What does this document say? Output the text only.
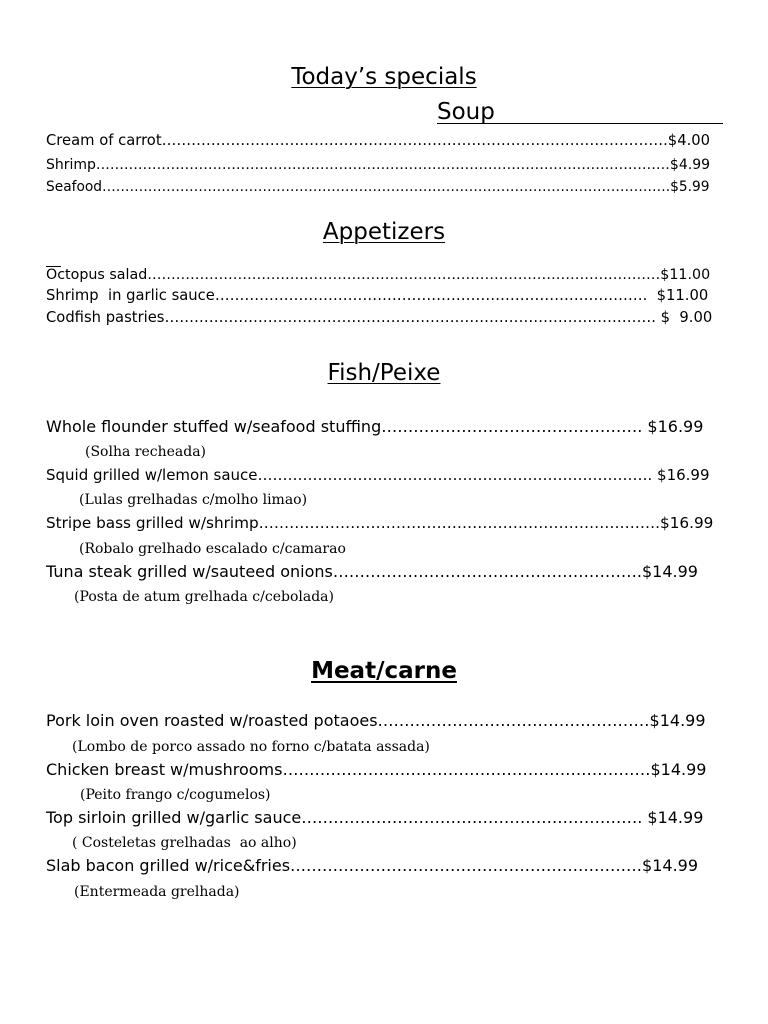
Today’s specials
Soup
Cream of carrot………………………………………………………………………………………….$4.00
Shrimp……………………………………………………………………………………………………………$4.99
Seafood…………………………………………………………………………………………………………….$5.99
Appetizers
Octopus salad………………………………………………………………………………………………$11.00
Shrimp  in garlic sauce…………………………………………………………………………….  $11.00
Codfish pastries………………………………………………………………………………………. $  9.00
Fish/Peixe
Whole flounder stuffed w/seafood stuffing…………………………………………. $16.99
(Solha recheada)
Squid grilled w/lemon sauce……………………………………………………………………. $16.99
(Lulas grelhadas c/molho limao)
Stripe bass grilled w/shrimp…………………………………………………………………….$16.99
(Robalo grelhado escalado c/camarao
Tuna steak grilled w/sauteed onions………………………………………………….$14.99
(Posta de atum grelhada c/cebolada)
Meat/carne
Pork loin oven roasted w/roasted potaoes……………………………………………$14.99
(Lombo de porco assado no forno c/batata assada)
Chicken breast w/mushrooms……………………………………………………………$14.99
(Peito frango c/cogumelos)
Top sirloin grilled w/garlic sauce………………………………………………………. $14.99
( Costeletas grelhadas  ao alho)
Slab bacon grilled w/rice&fries…………………………………………………………$14.99
(Entermeada grelhada)
